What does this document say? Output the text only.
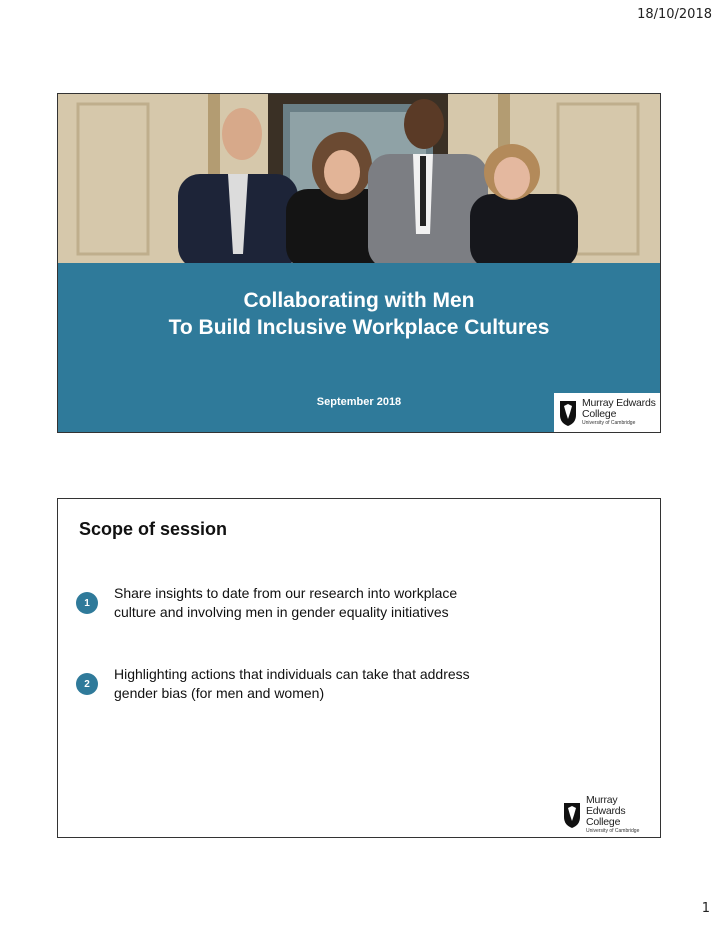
18/10/2018
Collaborating with Men
To Build Inclusive Workplace Cultures
September 2018	Murray Edwards
College
University of Cambridge
Scope of session
1
Share insights to date from our research into workplace
culture and involving men in gender equality initiatives
2
Highlighting actions that individuals can take that address
gender bias (for men and women)
Murray Edwards
College
University of Cambridge
1
